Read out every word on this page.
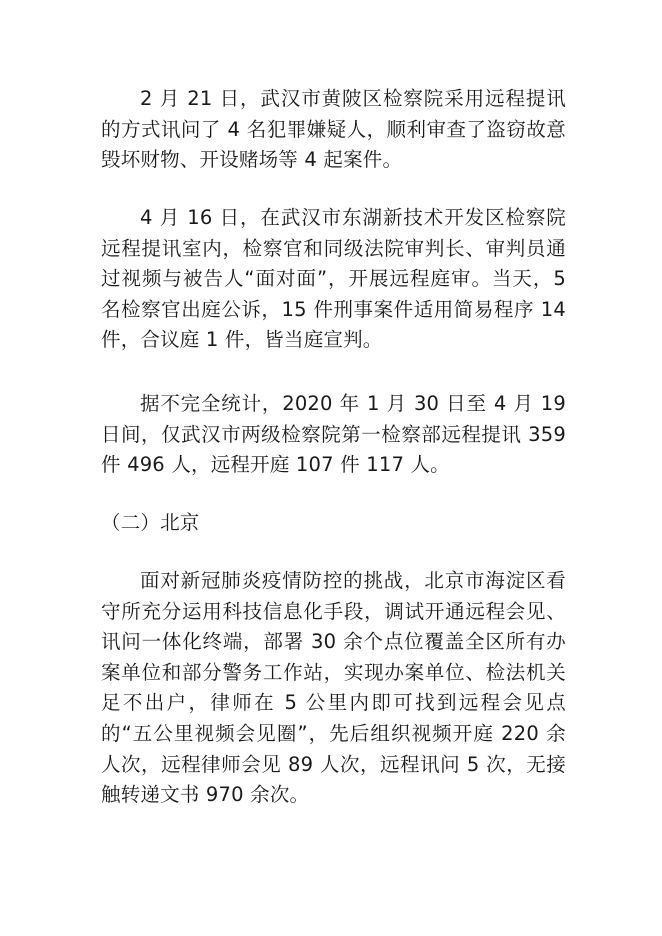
2 月 21 日，武汉市黄陂区检察院采用远程提讯的方式讯问了 4 名犯罪嫌疑人，顺利审查了盗窃故意毁坏财物、开设赌场等 4 起案件。

4 月 16 日，在武汉市东湖新技术开发区检察院远程提讯室内，检察官和同级法院审判长、审判员通过视频与被告人“面对面”，开展远程庭审。当天，5 名检察官出庭公诉，15 件刑事案件适用简易程序 14 件，合议庭 1 件，皆当庭宣判。

据不完全统计，2020 年 1 月 30 日至 4 月 19 日间，仅武汉市两级检察院第一检察部远程提讯 359 件 496 人，远程开庭 107 件 117 人。

（二）北京

面对新冠肺炎疫情防控的挑战，北京市海淀区看守所充分运用科技信息化手段，调试开通远程会见、讯问一体化终端，部署 30 余个点位覆盖全区所有办案单位和部分警务工作站，实现办案单位、检法机关足不出户，律师在 5 公里内即可找到远程会见点的“五公里视频会见圈”，先后组织视频开庭 220 余人次，远程律师会见 89 人次，远程讯问 5 次，无接触转递文书 970 余次。
